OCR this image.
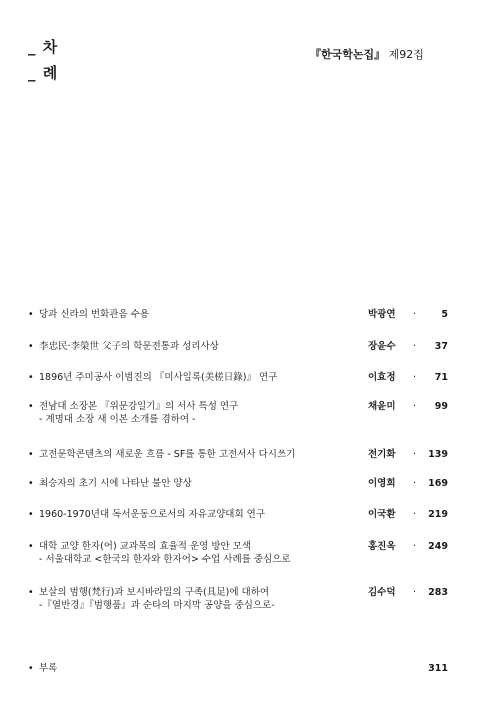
_ 차
_ 례
『한국학논집』 제92집
• 당과 신라의 번화관음 수용	박광연 ·	5
• 李忠民·李榮世 父子의 학문전통과 성리사상	장윤수 · 37
• 1896년 주미공사 이범진의 『미사일록(美槎日錄)』 연구	이효정 · 71
• 전남대 소장본 『위문강일기』의 서사 특성 연구
- 계명대 소장 새 이본 소개를 겸하여 -
채윤미 · 99
• 고전문학콘텐츠의 새로운 흐름 - SF를 통한 고전서사 다시쓰기	전기화 · 139
• 최승자의 초기 시에 나타난 불안 양상	이영희 · 169
• 1960-1970년대 독서운동으로서의 자유교양대회 연구	이국환 · 219
• 대학 교양 한자(어) 교과목의 효율적 운영 방안 모색
- 서울대학교 <한국의 한자와 한자어> 수업 사례를 중심으로
홍진옥 · 249
• 보살의 범행(梵行)과 보시바라밀의 구족(具足)에 대하여
-『열반경』『범행품』과 순타의 마지막 공양을 중심으로-
김수덕 · 283
• 부록	311
